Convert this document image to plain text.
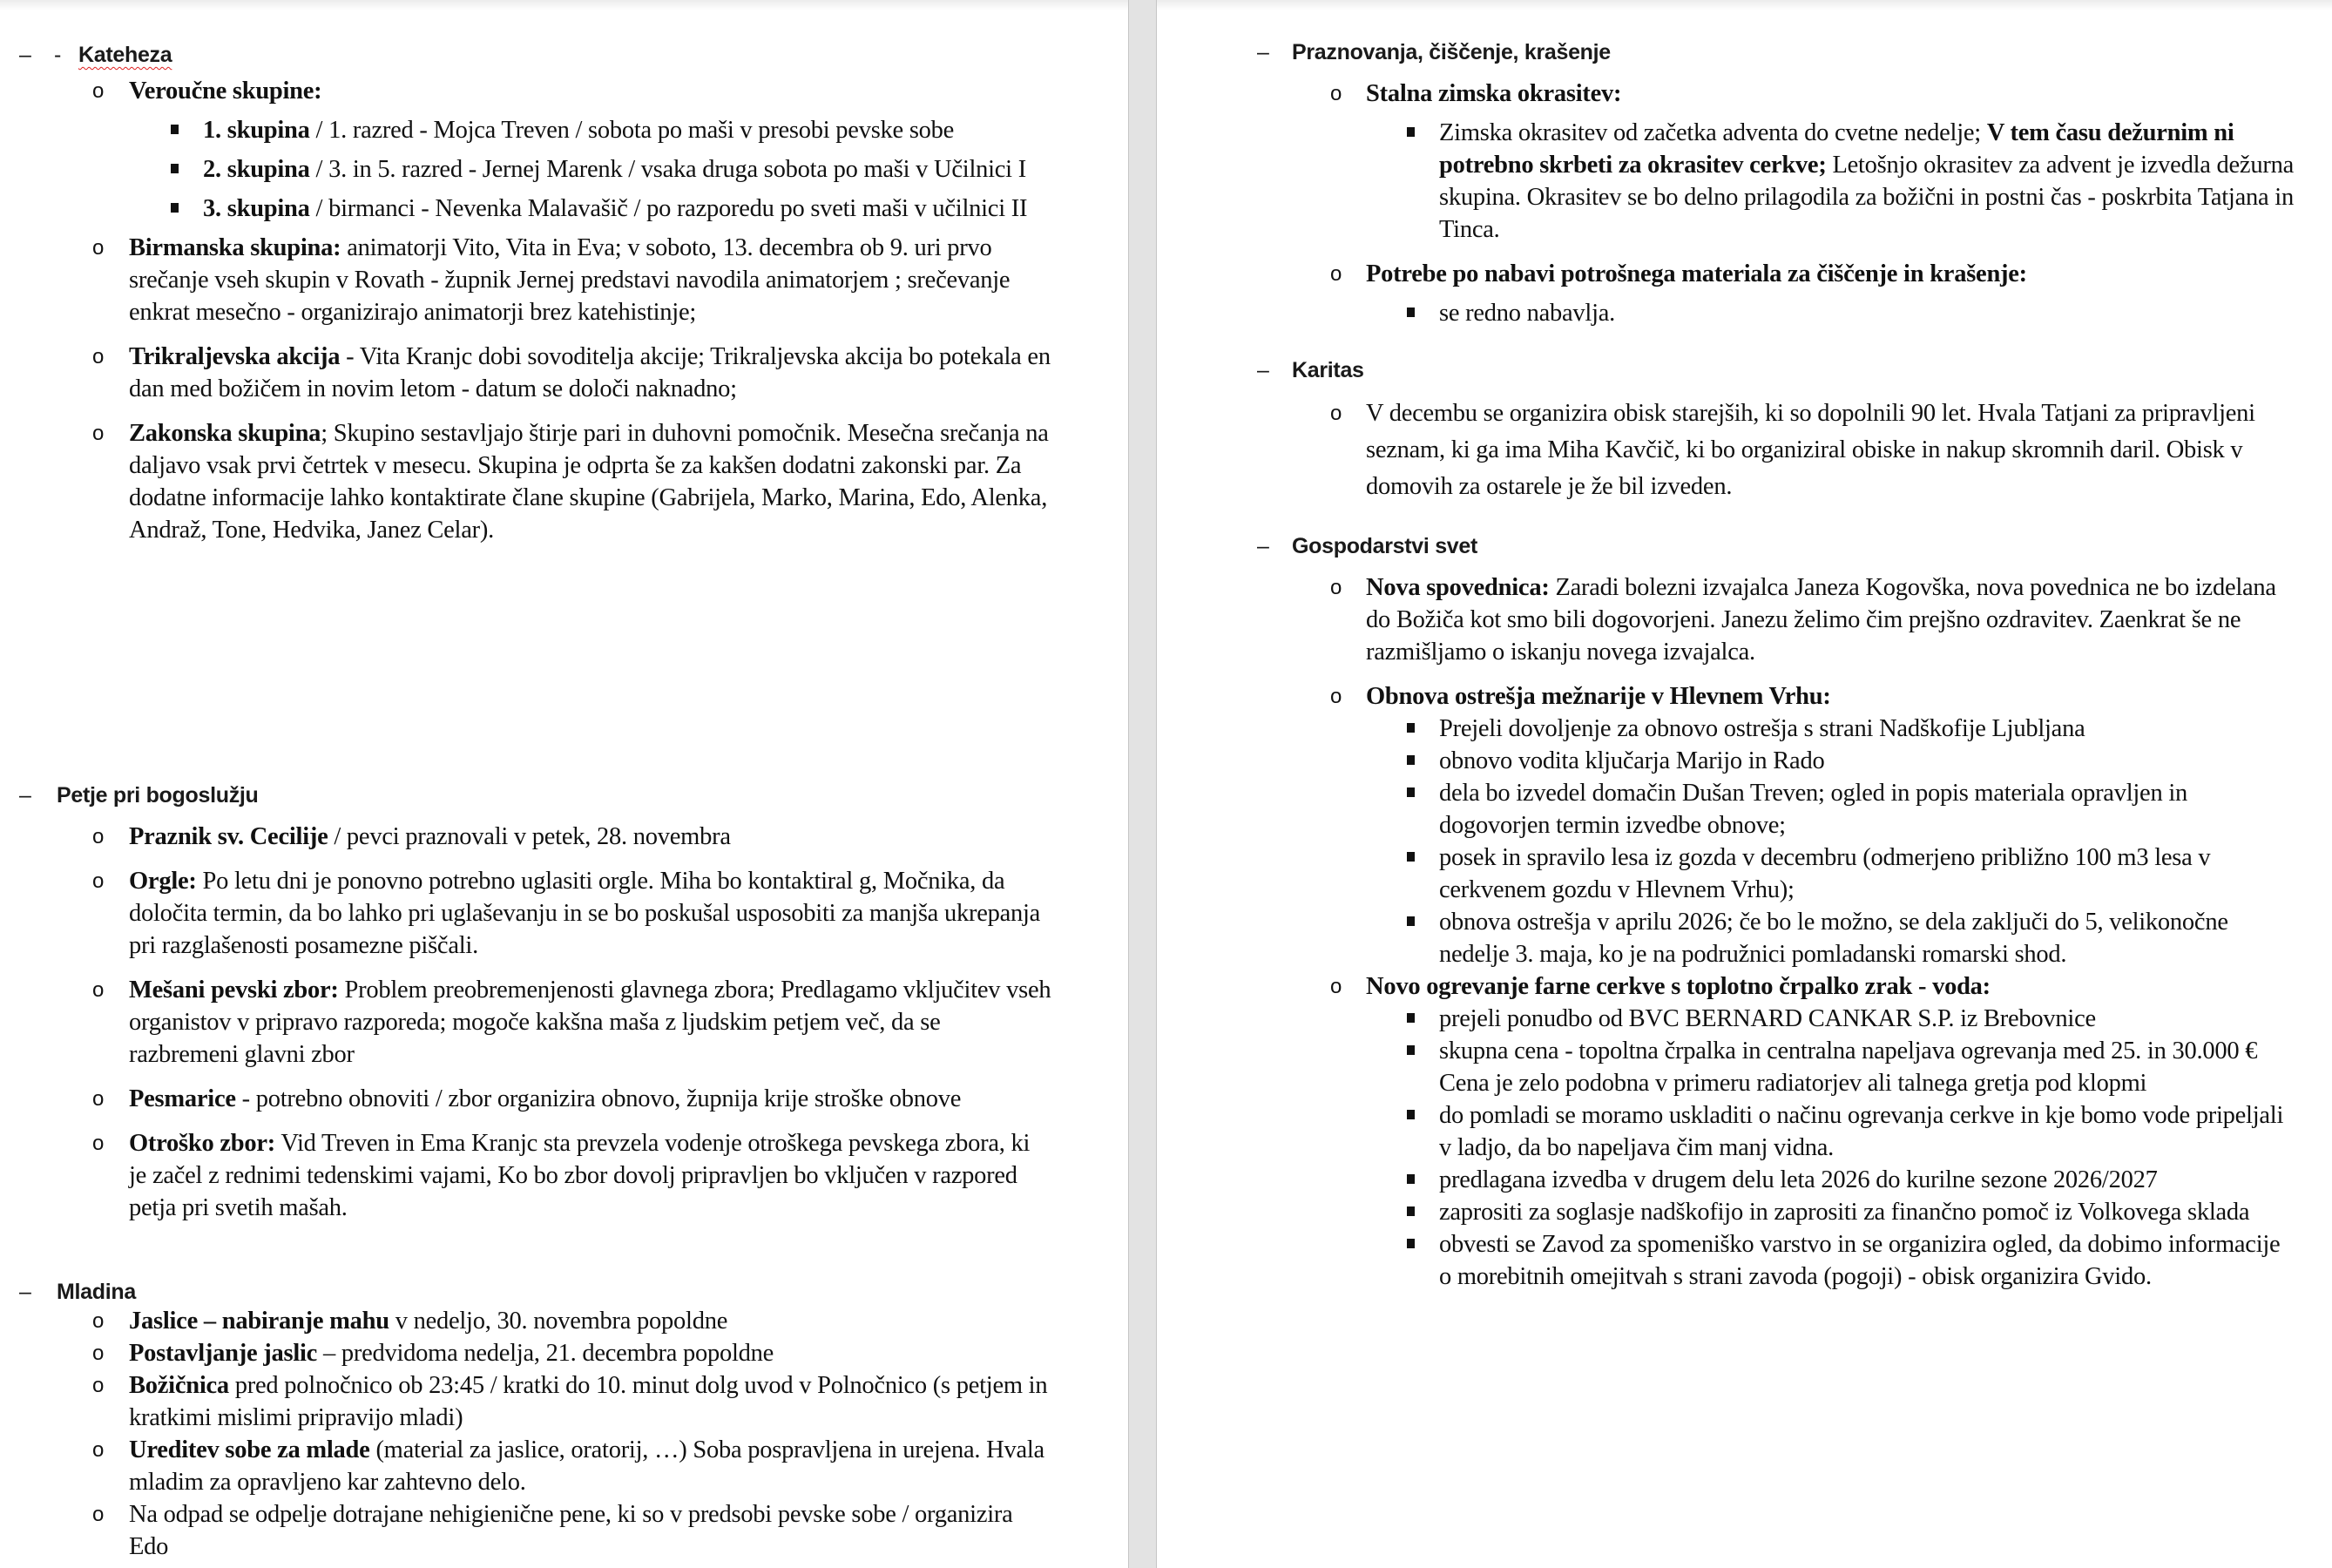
– - Kateheza
o Veroučne skupine:
1. skupina / 1. razred - Mojca Treven / sobota po maši v presobi pevske sobe
2. skupina / 3. in 5. razred - Jernej Marenk / vsaka druga sobota po maši v Učilnici I
3. skupina / birmanci - Nevenka Malavašič / po razporedu po sveti maši v učilnici II
o Birmanska skupina: animatorji Vito, Vita in Eva; v soboto, 13. decembra ob 9. uri prvo srečanje vseh skupin v Rovath - župnik Jernej predstavi navodila animatorjem ; srečevanje enkrat mesečno - organizirajo animatorji brez katehistinje;
o Trikraljevska akcija - Vita Kranjc dobi sovoditelja akcije; Trikraljevska akcija bo potekala en dan med božičem in novim letom - datum se določi naknadno;
o Zakonska skupina; Skupino sestavljajo štirje pari in duhovni pomočnik. Mesečna srečanja na daljavo vsak prvi četrtek v mesecu. Skupina je odprta še za kakšen dodatni zakonski par. Za dodatne informacije lahko kontaktirate člane skupine (Gabrijela, Marko, Marina, Edo, Alenka, Andraž, Tone, Hedvika, Janez Celar).
– Petje pri bogoslužju
o Praznik sv. Cecilije / pevci praznovali v petek, 28. novembra
o Orgle: Po letu dni je ponovno potrebno uglasiti orgle. Miha bo kontaktiral g, Močnika, da določita termin, da bo lahko pri uglaševanju in se bo poskušal usposobiti za manjša ukrepanja pri razglašenosti posamezne piščali.
o Mešani pevski zbor: Problem preobremenjenosti glavnega zbora; Predlagamo vključitev vseh organistov v pripravo razporeda; mogoče kakšna maša z ljudskim petjem več, da se razbremeni glavni zbor
o Pesmarice - potrebno obnoviti / zbor organizira obnovo, župnija krije stroške obnove
o Otroško zbor: Vid Treven in Ema Kranjc sta prevzela vodenje otroškega pevskega zbora, ki je začel z rednimi tedenskimi vajami, Ko bo zbor dovolj pripravljen bo vključen v razpored petja pri svetih mašah.
– Mladina
o Jaslice – nabiranje mahu v nedeljo, 30. novembra popoldne
o Postavljanje jaslic – predvidoma nedelja, 21. decembra popoldne
o Božičnica pred polnočnico ob 23:45 / kratki do 10. minut dolg uvod v Polnočnico (s petjem in kratkimi mislimi pripravijo mladi)
o Ureditev sobe za mlade (material za jaslice, oratorij, …) Soba pospravljena in urejena. Hvala mladim za opravljeno kar zahtevno delo.
o Na odpad se odpelje dotrajane nehigienične pene, ki so v predsobi pevske sobe / organizira Edo
– Praznovanja, čiščenje, krašenje
o Stalna zimska okrasitev:
Zimska okrasitev od začetka adventa do cvetne nedelje; V tem času dežurnim ni potrebno skrbeti za okrasitev cerkve; Letošnjo okrasitev za advent je izvedla dežurna skupina. Okrasitev se bo delno prilagodila za božični in postni čas - poskrbita Tatjana in Tinca.
o Potrebe po nabavi potrošnega materiala za čiščenje in krašenje:
se redno nabavlja.
– Karitas
o V decembu se organizira obisk starejših, ki so dopolnili 90 let. Hvala Tatjani za pripravljeni seznam, ki ga ima Miha Kavčič, ki bo organiziral obiske in nakup skromnih daril. Obisk v domovih za ostarele je že bil izveden.
– Gospodarstvi svet
o Nova spovednica: Zaradi bolezni izvajalca Janeza Kogovška, nova povednica ne bo izdelana do Božiča kot smo bili dogovorjeni. Janezu želimo čim prejšno ozdravitev. Zaenkrat še ne razmišljamo o iskanju novega izvajalca.
o Obnova ostrešja mežnarije v Hlevnem Vrhu:
Prejeli dovoljenje za obnovo ostrešja s strani Nadškofije Ljubljana
obnovo vodita ključarja Marijo in Rado
dela bo izvedel domačin Dušan Treven; ogled in popis materiala opravljen in dogovorjen termin izvedbe obnove;
posek in spravilo lesa iz gozda v decembru (odmerjeno približno 100 m3 lesa v cerkvenem gozdu v Hlevnem Vrhu);
obnova ostrešja v aprilu 2026; če bo le možno, se dela zaključi do 5, velikonočne nedelje 3. maja, ko je na podružnici pomladanski romarski shod.
o Novo ogrevanje farne cerkve s toplotno črpalko zrak - voda:
prejeli ponudbo od BVC BERNARD CANKAR S.P. iz Brebovnice
skupna cena - topoltna črpalka in centralna napeljava ogrevanja med 25. in 30.000 € Cena je zelo podobna v primeru radiatorjev ali talnega gretja pod klopmi
do pomladi se moramo uskladiti o načinu ogrevanja cerkve in kje bomo vode pripeljali v ladjo, da bo napeljava čim manj vidna.
predlagana izvedba v drugem delu leta 2026 do kurilne sezone 2026/2027
zaprositi za soglasje nadškofijo in zaprositi za finančno pomoč iz Volkovega sklada
obvesti se Zavod za spomeniško varstvo in se organizira ogled, da dobimo informacije o morebitnih omejitvah s strani zavoda (pogoji) - obisk organizira Gvido.
